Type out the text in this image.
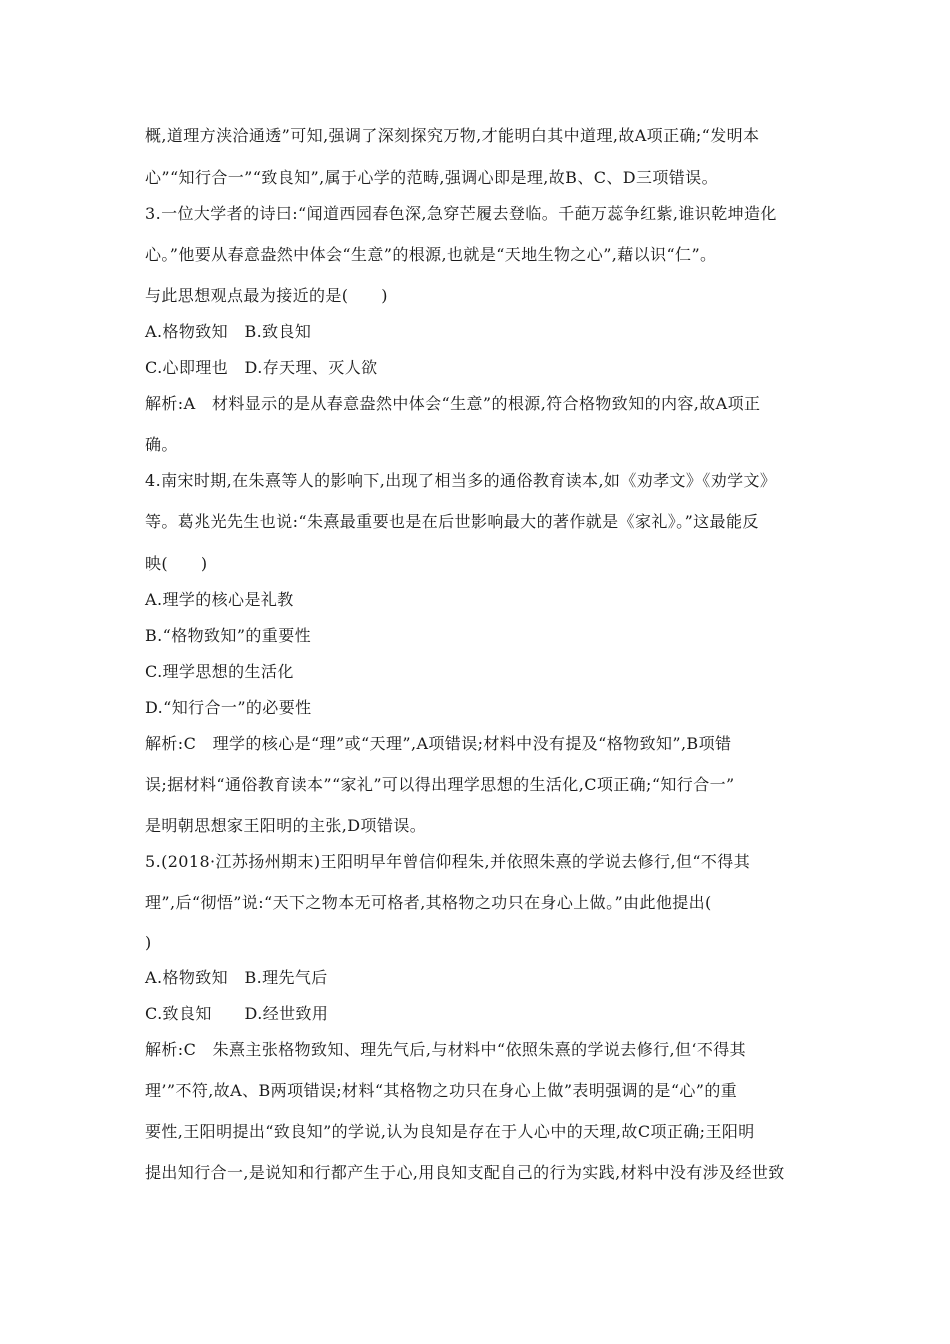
概,道理方浃洽通透”可知,强调了深刻探究万物,才能明白其中道理,故A项正确;“发明本
心”“知行合一”“致良知”,属于心学的范畴,强调心即是理,故B、C、D三项错误。
3.一位大学者的诗曰:“闻道西园春色深,急穿芒履去登临。千葩万蕊争红紫,谁识乾坤造化
心。”他要从春意盎然中体会“生意”的根源,也就是“天地生物之心”,藉以识“仁”。
与此思想观点最为接近的是(　　)
A.格物致知　B.致良知
C.心即理也　D.存天理、灭人欲
解析:A　材料显示的是从春意盎然中体会“生意”的根源,符合格物致知的内容,故A项正
确。
4.南宋时期,在朱熹等人的影响下,出现了相当多的通俗教育读本,如《劝孝文》《劝学文》
等。葛兆光先生也说:“朱熹最重要也是在后世影响最大的著作就是《家礼》。”这最能反
映(　　)
A.理学的核心是礼教
B.“格物致知”的重要性
C.理学思想的生活化
D.“知行合一”的必要性
解析:C　理学的核心是“理”或“天理”,A项错误;材料中没有提及“格物致知”,B项错
误;据材料“通俗教育读本”“家礼”可以得出理学思想的生活化,C项正确;“知行合一”
是明朝思想家王阳明的主张,D项错误。
5.(2018·江苏扬州期末)王阳明早年曾信仰程朱,并依照朱熹的学说去修行,但“不得其
理”,后“彻悟”说:“天下之物本无可格者,其格物之功只在身心上做。”由此他提出(
)
A.格物致知　B.理先气后
C.致良知　　D.经世致用
解析:C　朱熹主张格物致知、理先气后,与材料中“依照朱熹的学说去修行,但‘不得其
理’”不符,故A、B两项错误;材料“其格物之功只在身心上做”表明强调的是“心”的重
要性,王阳明提出“致良知”的学说,认为良知是存在于人心中的天理,故C项正确;王阳明
提出知行合一,是说知和行都产生于心,用良知支配自己的行为实践,材料中没有涉及经世致
